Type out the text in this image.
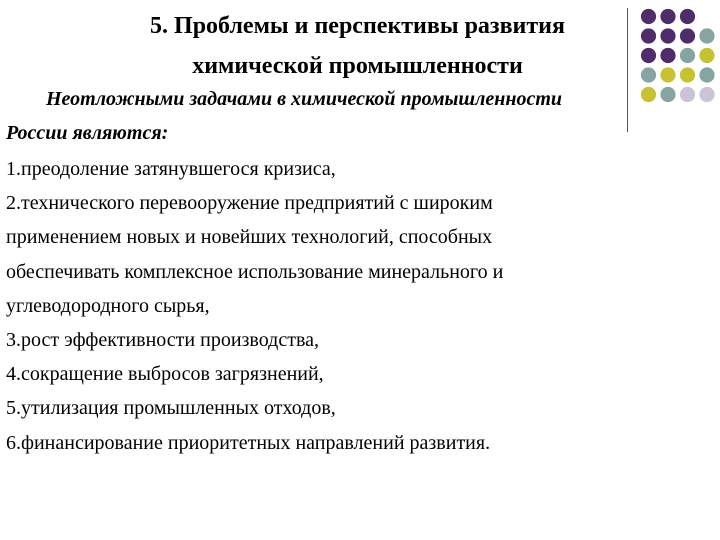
5. Проблемы и перспективы развития
химической промышленности
Неотложными задачами в химической промышленности
России являются:
1.преодоление затянувшегося кризиса,
2.технического перевооружение предприятий с широким
применением новых и новейших технологий, способных
обеспечивать комплексное использование минерального и
углеводородного сырья,
3.рост эффективности производства,
4.сокращение выбросов загрязнений,
5.утилизация промышленных отходов,
6.финансирование приоритетных направлений развития.
